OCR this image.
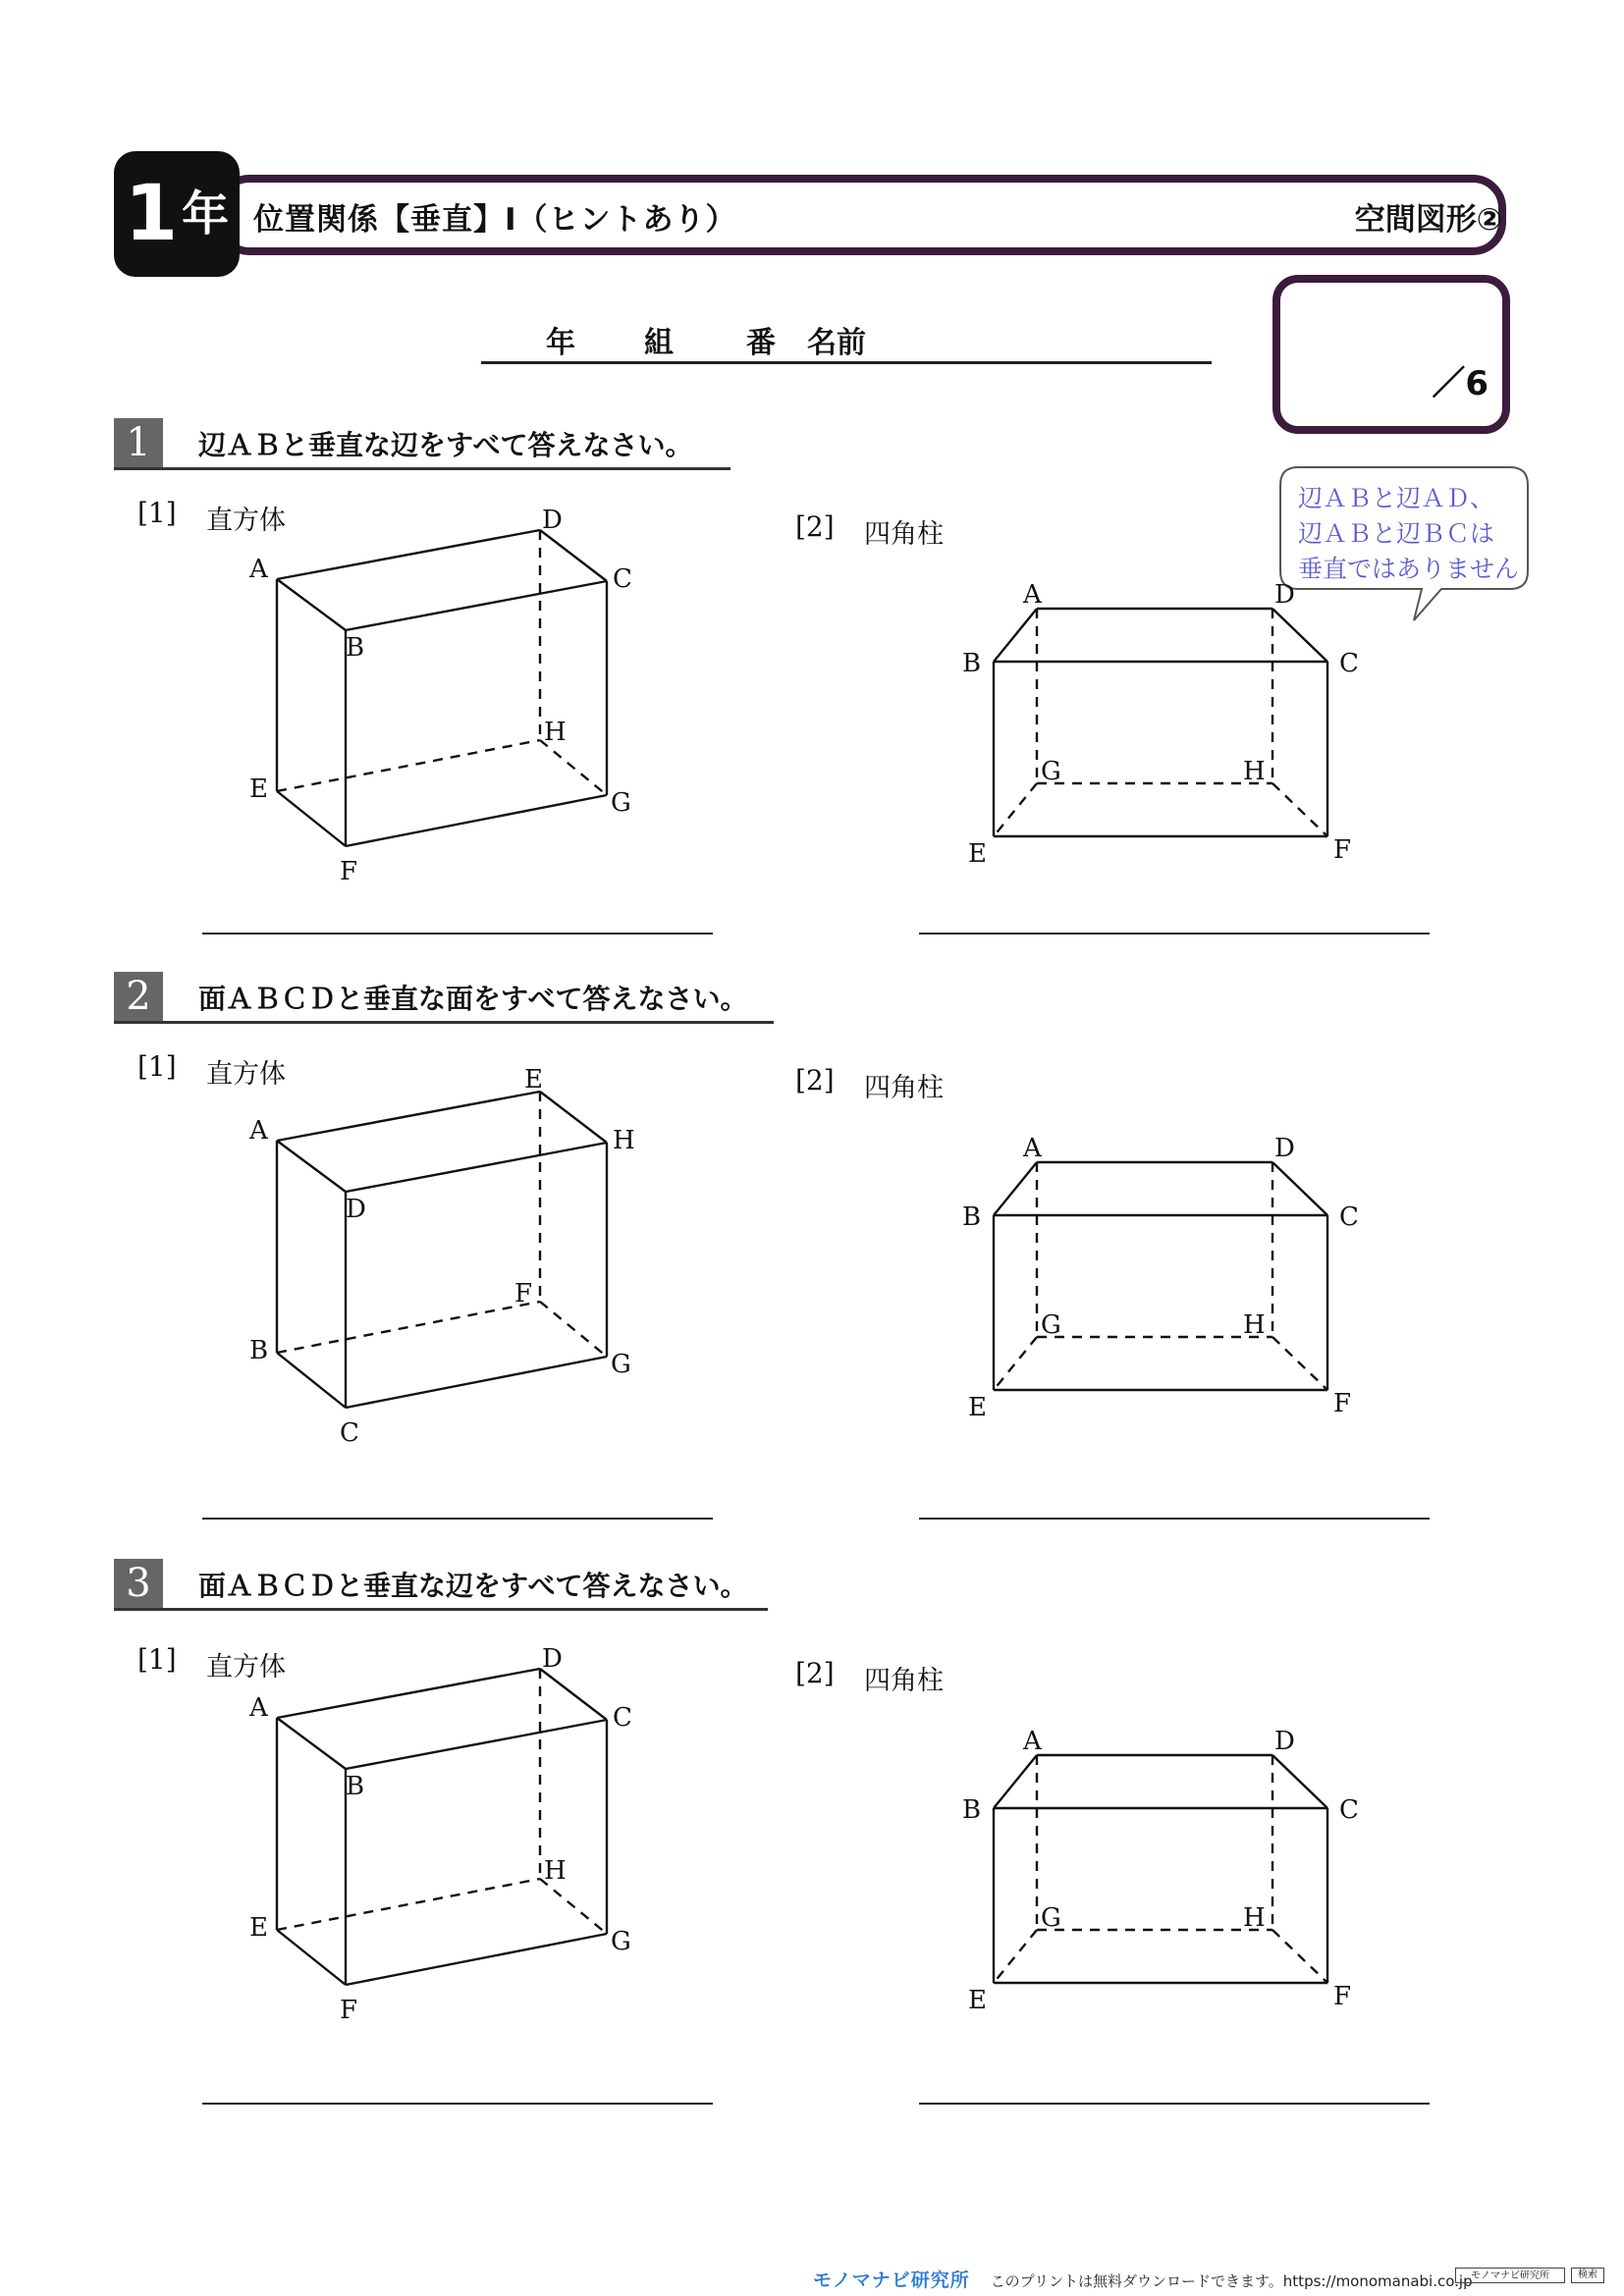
1 年 位置関係【垂直】Ⅰ（ヒントあり）	空間図形②
年 組 番 名前
／6
辺ＡＢと辺ＡＤ、
辺ＡＢと辺ＢＣは
垂直ではありません
1	辺ＡＢと垂直な辺をすべて答えなさい。
[1] 直方体	[2] 四角柱
A
B
C
D
E
F
G
H
A
B	C
D
E	F
G	H
2	面ＡＢＣＤと垂直な面をすべて答えなさい。
[1] 直方体	[2] 四角柱
A
D
H
E
B
C
G
F
A
B	C
D
E	F
G	H
3	面ＡＢＣＤと垂直な辺をすべて答えなさい。
[1] 直方体	[2] 四角柱
A
B
C
D
E
F
G
H
A
B	C
D
E	F
G	H
モノマナビ研究所 このプリントは無料ダウンロードできます。https://monomanabi.co.jp
モノマナビ研究所	検索
